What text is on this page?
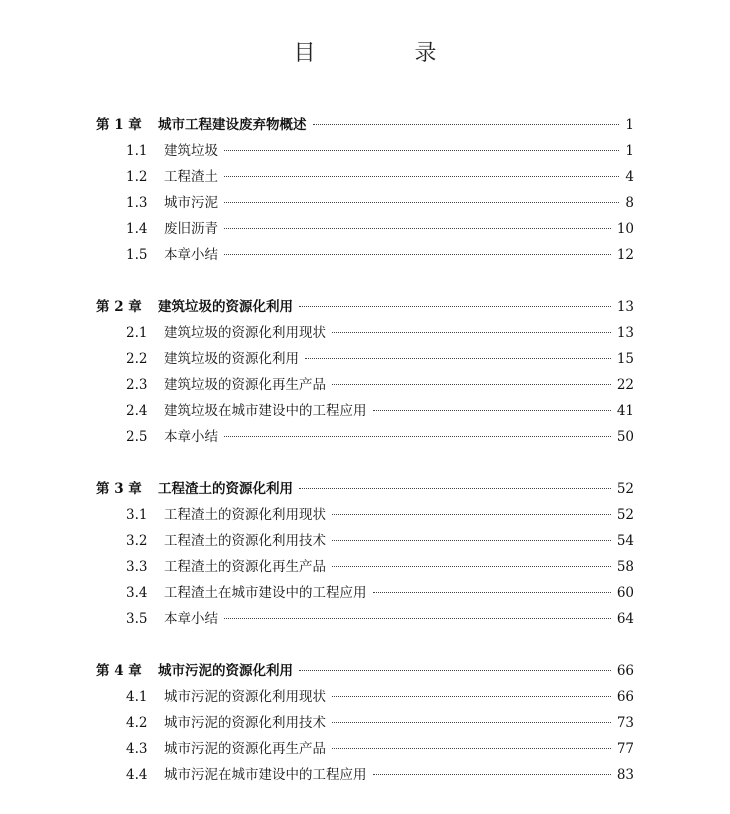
目 录
第 1 章	城市工程建设废弃物概述	1
1.1	建筑垃圾	1
1.2	工程渣土	4
1.3	城市污泥	8
1.4	废旧沥青	10
1.5	本章小结	12
第 2 章	建筑垃圾的资源化利用	13
2.1	建筑垃圾的资源化利用现状	13
2.2	建筑垃圾的资源化利用	15
2.3	建筑垃圾的资源化再生产品	22
2.4	建筑垃圾在城市建设中的工程应用	41
2.5	本章小结	50
第 3 章	工程渣土的资源化利用	52
3.1	工程渣土的资源化利用现状	52
3.2	工程渣土的资源化利用技术	54
3.3	工程渣土的资源化再生产品	58
3.4	工程渣土在城市建设中的工程应用	60
3.5	本章小结	64
第 4 章	城市污泥的资源化利用	66
4.1	城市污泥的资源化利用现状	66
4.2	城市污泥的资源化利用技术	73
4.3	城市污泥的资源化再生产品	77
4.4	城市污泥在城市建设中的工程应用	83
